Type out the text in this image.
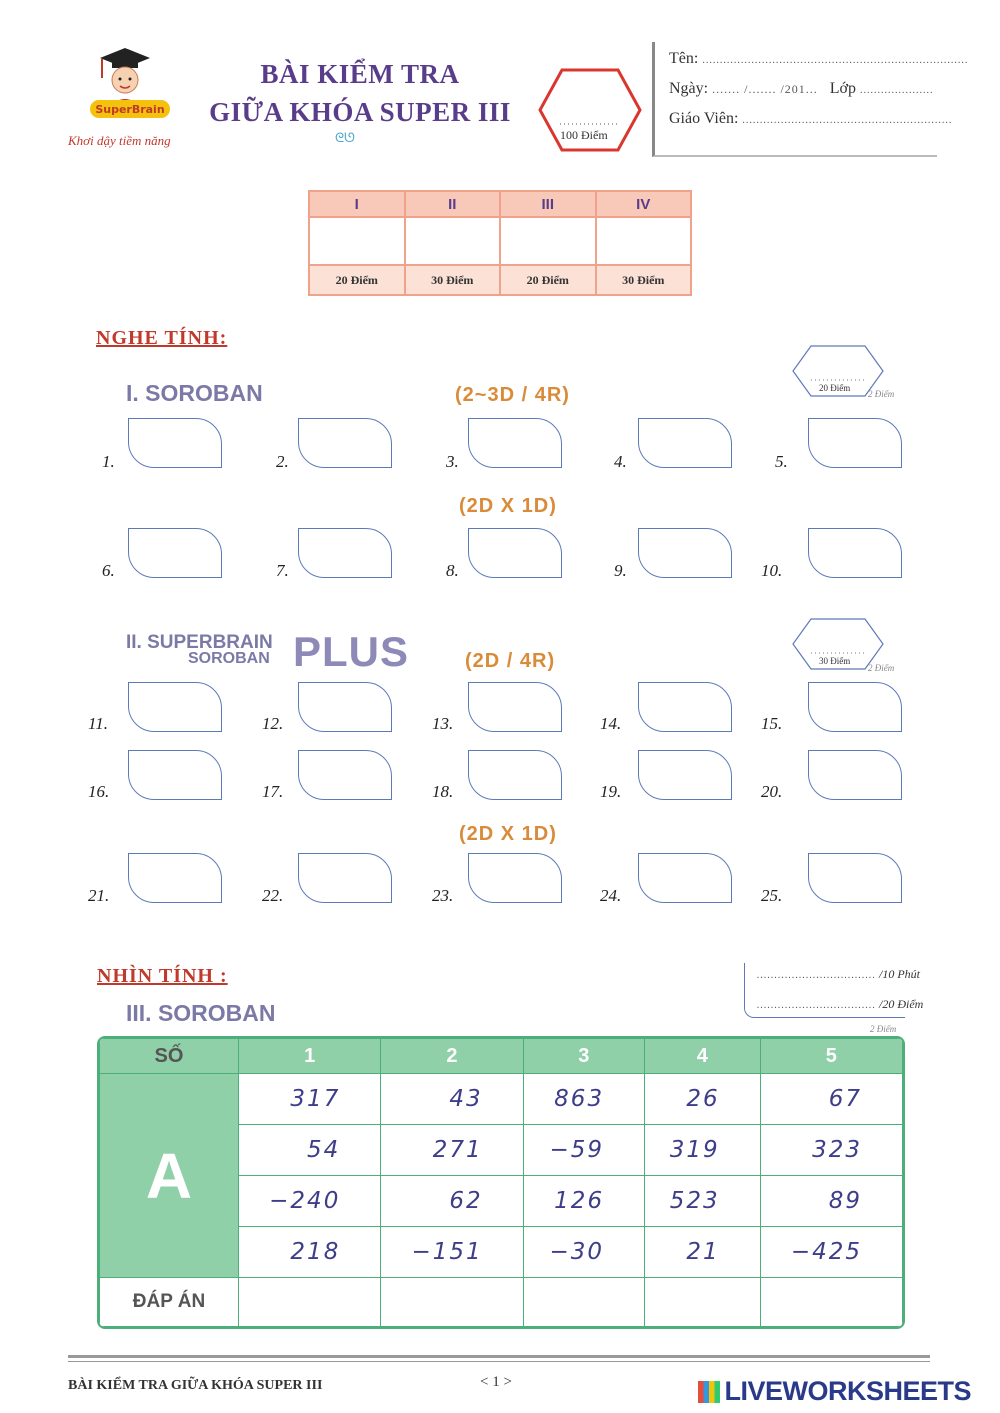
SuperBrain
Khơi dậy tiềm năng
BÀI KIỂM TRA
GIỮA KHÓA SUPER III
ᘓᘎ	100 Điểm
Tên: ............................................................................
Ngày: ....... /....... /201... Lớp .....................
Giáo Viên: ............................................................
I	II	III	IV

20 Điểm	30 Điểm	20 Điểm	30 Điểm
NGHE TÍNH:
I. SOROBAN	(2~3D / 4R)	20 Điểm
2 Điểm
1.	2.	3.	4.	5.
6.	7.	8.	9.	10.
11.	12.	13.	14.	15.
16.	17.	18.	19.	20.
21.	22.	23.	24.	25.
(2D X 1D)
II. SUPERBRAIN
SOROBAN PLUS	(2D / 4R)	30 Điểm
2 Điểm
(2D X 1D)
NHÌN TÍNH :
III. SOROBAN
.................................. /10 Phút
.................................. /20 Điểm
2 Điểm
SỐ	1	2	3	4	5
A	317	43	863	26	67
	54	271	−59	319	323
	−240	62	126	523	89
	218	−151	−30	21	−425
ĐÁP ÁN					
BÀI KIỂM TRA GIỮA KHÓA SUPER III	< 1 >	LIVEWORKSHEETS
